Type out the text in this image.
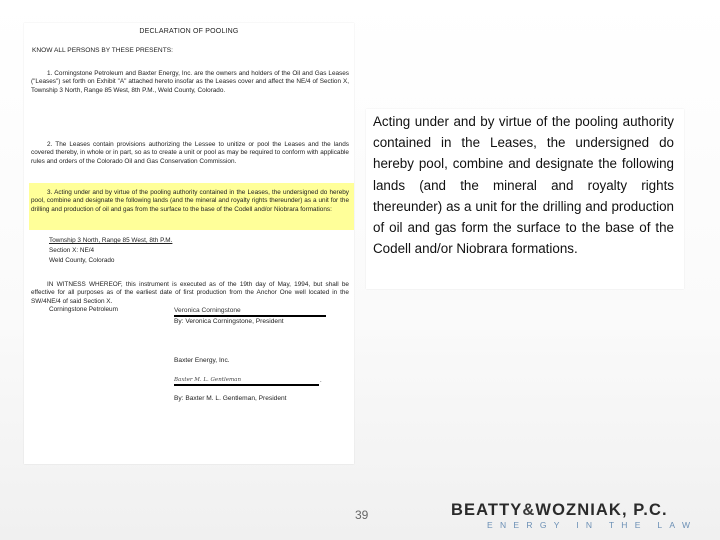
DECLARATION OF POOLING
KNOW ALL PERSONS BY THESE PRESENTS:
1. Corningstone Petroleum and Baxter Energy, Inc. are the owners and holders of the Oil and Gas Leases ("Leases") set forth on Exhibit "A" attached hereto insofar as the Leases cover and affect the NE/4 of Section X, Township 3 North, Range 85 West, 8th P.M., Weld County, Colorado.
2. The Leases contain provisions authorizing the Lessee to unitize or pool the Leases and the lands covered thereby, in whole or in part, so as to create a unit or pool as may be required to conform with applicable rules and orders of the Colorado Oil and Gas Conservation Commission.
3. Acting under and by virtue of the pooling authority contained in the Leases, the undersigned do hereby pool, combine and designate the following lands (and the mineral and royalty rights thereunder) as a unit for the drilling and production of oil and gas from the surface to the base of the Codell and/or Niobrara formations:
Township 3 North, Range 85 West, 8th P.M.
Section X: NE/4
Weld County, Colorado
IN WITNESS WHEREOF, this instrument is executed as of the 19th day of May, 1994, but shall be effective for all purposes as of the earliest date of first production from the Anchor One well located in the SW/4NE/4 of said Section X.
Corningstone Petroleum	Veronica Corningstone
By: Veronica Corningstone, President
Baxter Energy, Inc.
Baxter M. L. Gentleman	.
By: Baxter M. L. Gentleman, President
Acting under and by virtue of the pooling authority contained in the Leases, the undersigned do hereby pool, combine and designate the following lands (and the mineral and royalty rights thereunder) as a unit for the drilling and production of oil and gas form the surface to the base of the Codell and/or Niobrara formations.
39	BEATTY&WOZNIAK, P.C.
ENERGY IN THE LAW
